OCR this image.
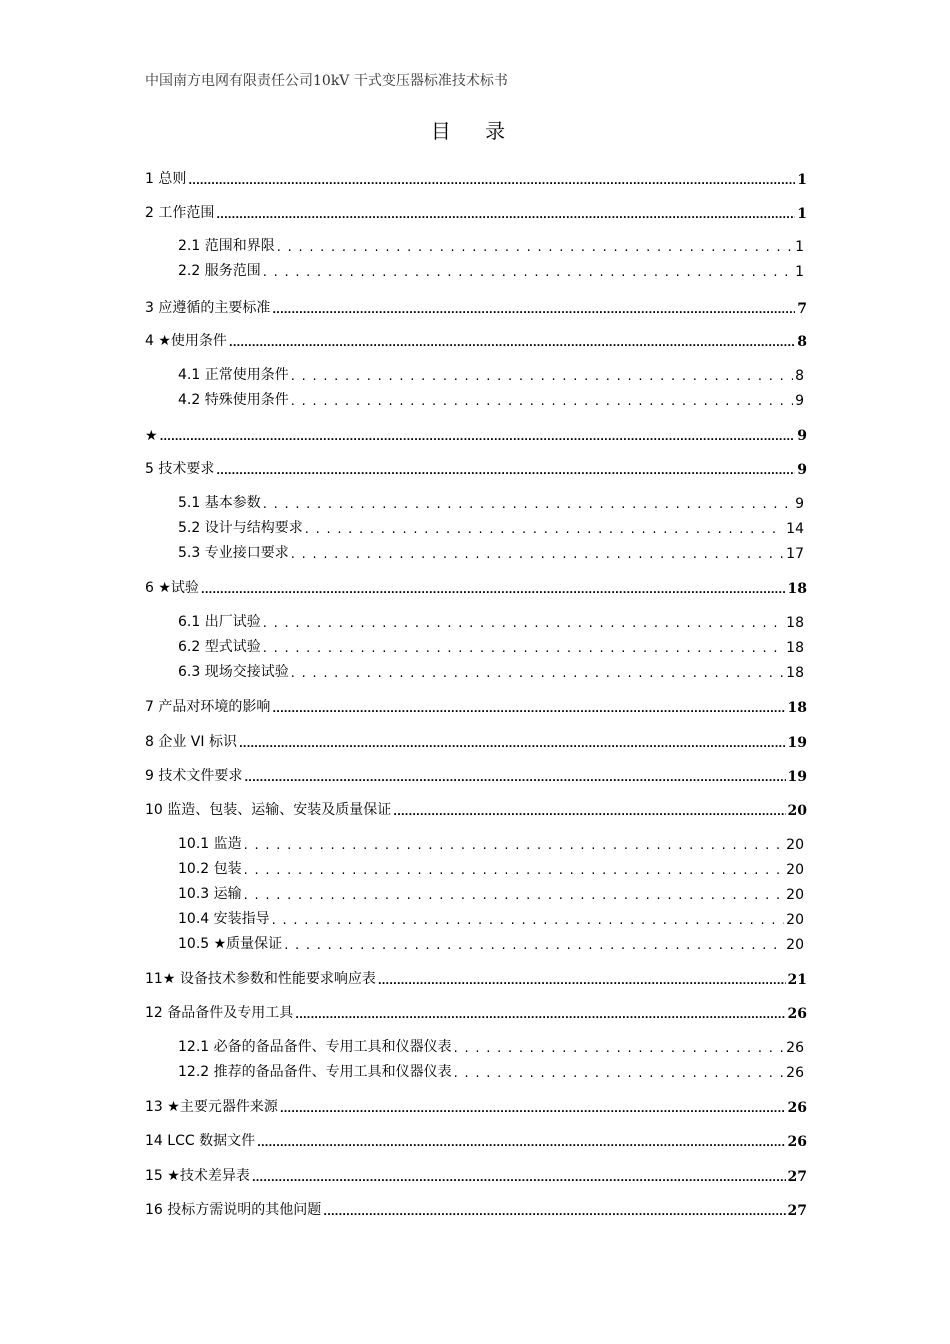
中国南方电网有限责任公司10kV 干式变压器标准技术标书
目 录
1 总则 .....	1
2 工作范围 .....	1
2.1 范围和界限 . . .	1
2.2 服务范围 . . .	1
3 应遵循的主要标准 .....	7
4 ★使用条件 .....	8
4.1 正常使用条件 . . .	8
4.2 特殊使用条件 . . .	9
★ .....	9
5 技术要求 .....	9
5.1 基本参数 . . .	9
5.2 设计与结构要求 . . .	14
5.3 专业接口要求 . . .	17
6 ★试验 .....	18
6.1 出厂试验 . . .	18
6.2 型式试验 . . .	18
6.3 现场交接试验 . . .	18
7 产品对环境的影响 .....	18
8 企业 VI 标识 .....	19
9 技术文件要求 .....	19
10 监造、包装、运输、安装及质量保证 .....	20
10.1 监造 . . .	20
10.2 包装 . . .	20
10.3 运输 . . .	20
10.4 安装指导 . . .	20
10.5 ★质量保证 . . .	20
11★ 设备技术参数和性能要求响应表 .....	21
12 备品备件及专用工具 .....	26
12.1 必备的备品备件、专用工具和仪器仪表 . . .	26
12.2 推荐的备品备件、专用工具和仪器仪表 . . .	26
13 ★主要元器件来源 .....	26
14 LCC 数据文件 .....	26
15 ★技术差异表 .....	27
16 投标方需说明的其他问题 .....	27
